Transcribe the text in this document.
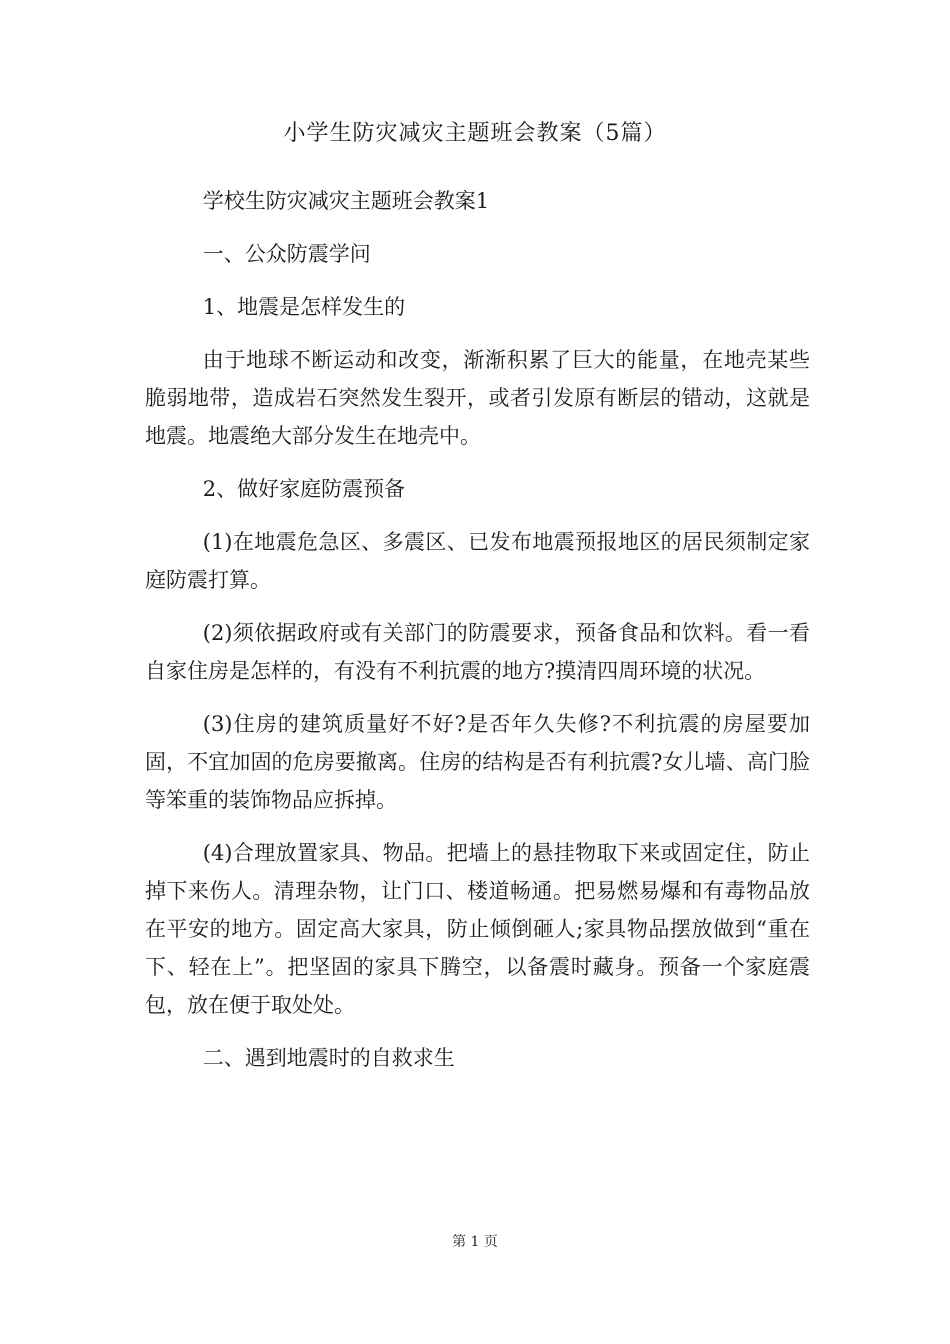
小学生防灾减灾主题班会教案（5篇）

学校生防灾减灾主题班会教案1

一、公众防震学问

1、地震是怎样发生的

由于地球不断运动和改变，渐渐积累了巨大的能量，在地壳某些脆弱地带，造成岩石突然发生裂开，或者引发原有断层的错动，这就是地震。地震绝大部分发生在地壳中。

2、做好家庭防震预备

(1)在地震危急区、多震区、已发布地震预报地区的居民须制定家庭防震打算。

(2)须依据政府或有关部门的防震要求，预备食品和饮料。看一看自家住房是怎样的，有没有不利抗震的地方?摸清四周环境的状况。

(3)住房的建筑质量好不好?是否年久失修?不利抗震的房屋要加固，不宜加固的危房要撤离。住房的结构是否有利抗震?女儿墙、高门脸等笨重的装饰物品应拆掉。

(4)合理放置家具、物品。把墙上的悬挂物取下来或固定住，防止掉下来伤人。清理杂物，让门口、楼道畅通。把易燃易爆和有毒物品放在平安的地方。固定高大家具，防止倾倒砸人;家具物品摆放做到“重在下、轻在上”。把坚固的家具下腾空，以备震时藏身。预备一个家庭震包，放在便于取处处。

二、遇到地震时的自救求生

第 1 页
